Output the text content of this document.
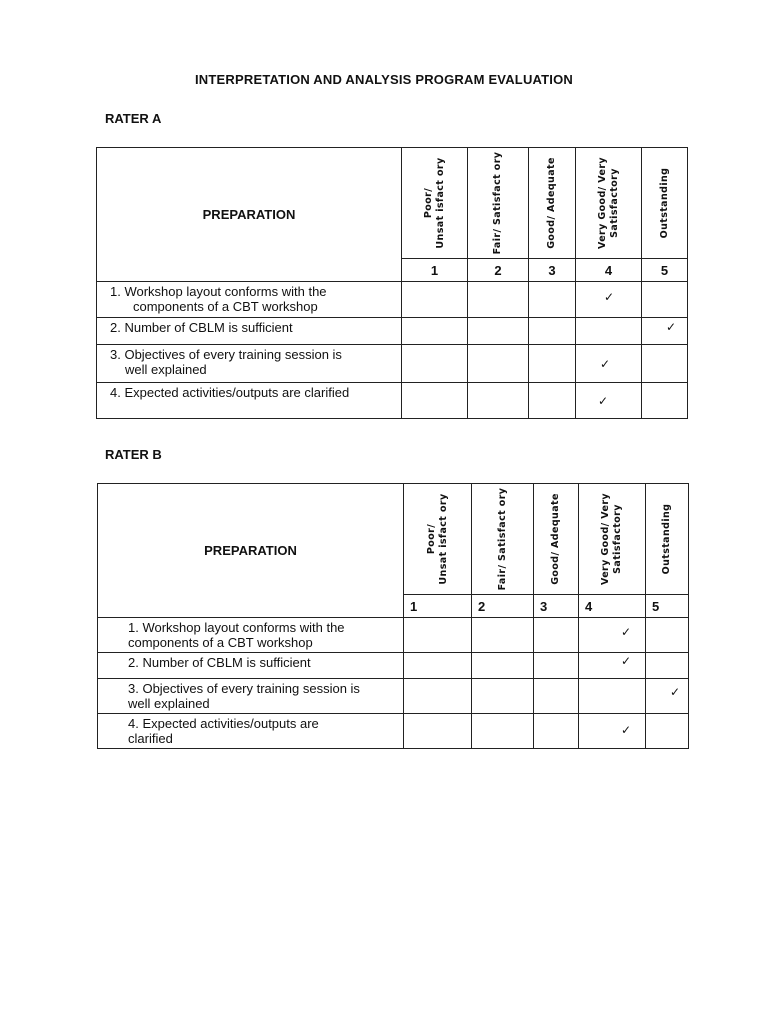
INTERPRETATION AND ANALYSIS PROGRAM EVALUATION
RATER A
PREPARATION	Poor/
Unsat isfact ory	Fair/ Satisfact ory	Good/ Adequate	Very Good/ Very
Satisfactory	Outstanding

	1	2	3	4	5

1. Workshop layout conforms with the
components of a CBT workshop				✓	

2. Number of CBLM is sufficient					✓

3. Objectives of every training session is
well explained				✓	

4. Expected activities/outputs are clarified				✓	

RATER B
PREPARATION	Poor/
Unsat isfact ory	Fair/ Satisfact ory	Good/ Adequate	Very Good/ Very
Satisfactory	Outstanding

	1	2	3	4	5

1. Workshop layout conforms with the
components of a CBT workshop				✓	

2. Number of CBLM is sufficient				✓	

3. Objectives of every training session is
well explained					✓

4. Expected activities/outputs are
clarified				✓	
